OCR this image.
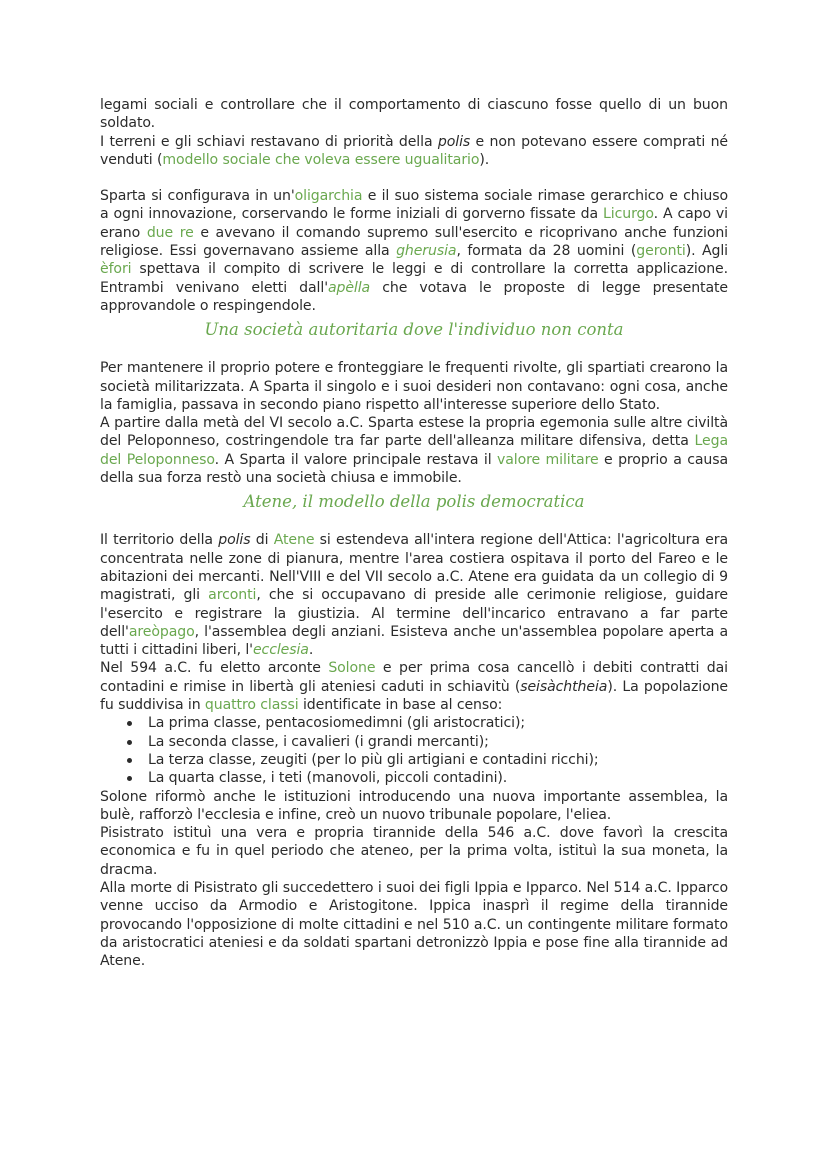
legami sociali e controllare che il comportamento di ciascuno fosse quello di un buon soldato.

I terreni e gli schiavi restavano di priorità della polis e non potevano essere comprati né venduti (modello sociale che voleva essere ugualitario).

Sparta si configurava in un'oligarchia e il suo sistema sociale rimase gerarchico e chiuso a ogni innovazione, corservando le forme iniziali di gorverno fissate da Licurgo. A capo vi erano due re e avevano il comando supremo sull'esercito e ricoprivano anche funzioni religiose. Essi governavano assieme alla gherusia, formata da 28 uomini (geronti). Agli èfori spettava il compito di scrivere le leggi e di controllare la corretta applicazione. Entrambi venivano eletti dall'apèlla che votava le proposte di legge presentate approvandole o respingendole.

Una società autoritaria dove l'individuo non conta

Per mantenere il proprio potere e fronteggiare le frequenti rivolte, gli spartiati crearono la società militarizzata. A Sparta il singolo e i suoi desideri non contavano: ogni cosa, anche la famiglia, passava in secondo piano rispetto all'interesse superiore dello Stato.

A partire dalla metà del VI secolo a.C. Sparta estese la propria egemonia sulle altre civiltà del Peloponneso, costringendole tra far parte dell'alleanza militare difensiva, detta Lega del Peloponneso. A Sparta il valore principale restava il valore militare e proprio a causa della sua forza restò una società chiusa e immobile.

Atene, il modello della polis democratica

Il territorio della polis di Atene si estendeva all'intera regione dell'Attica: l'agricoltura era concentrata nelle zone di pianura, mentre l'area costiera ospitava il porto del Fareo e le abitazioni dei mercanti. Nell'VIII e del VII secolo a.C. Atene era guidata da un collegio di 9 magistrati, gli arconti, che si occupavano di preside alle cerimonie religiose, guidare l'esercito e registrare la giustizia. Al termine dell'incarico entravano a far parte dell'areòpago, l'assemblea degli anziani. Esisteva anche un'assemblea popolare aperta a tutti i cittadini liberi, l'ecclesia.

Nel 594 a.C. fu eletto arconte Solone e per prima cosa cancellò i debiti contratti dai contadini e rimise in libertà gli ateniesi caduti in schiavitù (seisàchtheia). La popolazione fu suddivisa in quattro classi identificate in base al censo:

La prima classe, pentacosiomedimni (gli aristocratici);
La seconda classe, i cavalieri (i grandi mercanti);
La terza classe, zeugiti (per lo più gli artigiani e contadini ricchi);
La quarta classe, i teti (manovoli, piccoli contadini).

Solone riformò anche le istituzioni introducendo una nuova importante assemblea, la bulè, rafforzò l'ecclesia e infine, creò un nuovo tribunale popolare, l'eliea.

Pisistrato istituì una vera e propria tirannide della 546 a.C. dove favorì la crescita economica e fu in quel periodo che ateneo, per la prima volta, istituì la sua moneta, la dracma.

Alla morte di Pisistrato gli succedettero i suoi dei figli Ippia e Ipparco. Nel 514 a.C. Ipparco venne ucciso da Armodio e Aristogitone. Ippica inasprì il regime della tirannide provocando l'opposizione di molte cittadini e nel 510 a.C. un contingente militare formato da aristocratici ateniesi e da soldati spartani detronizzò Ippia e pose fine alla tirannide ad Atene.
